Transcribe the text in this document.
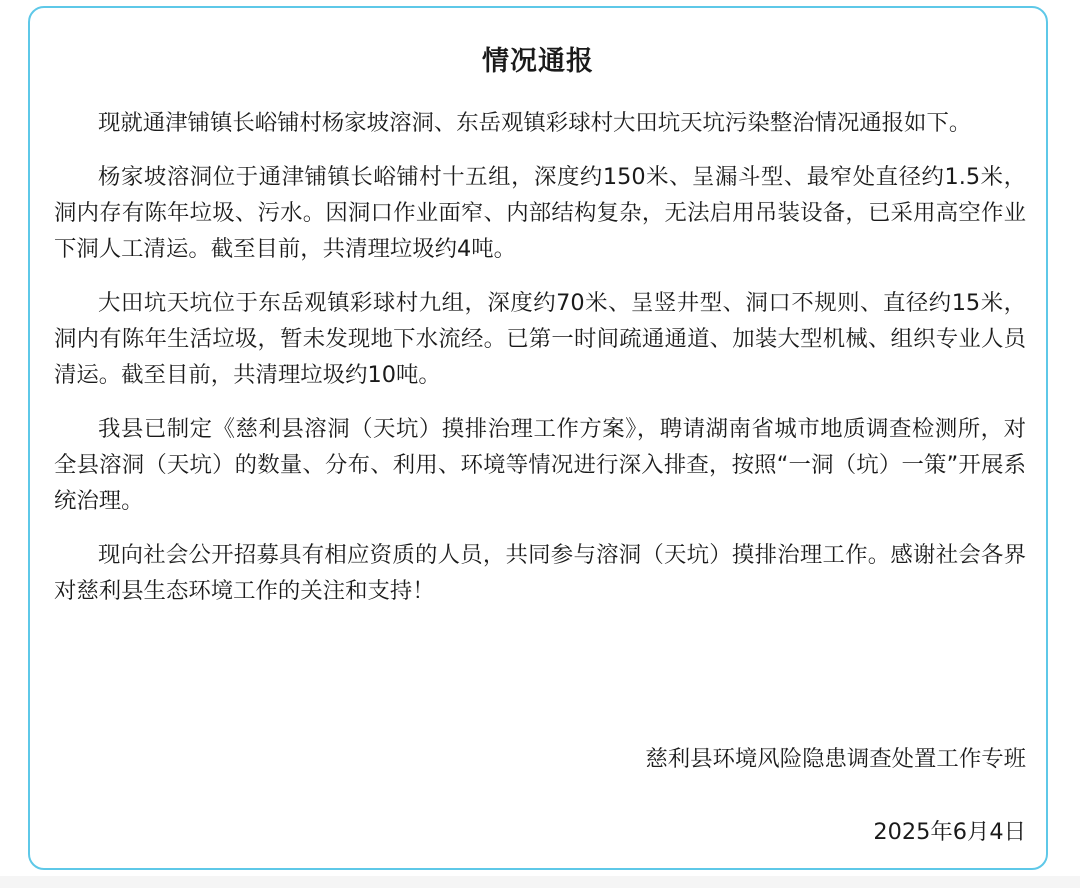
情况通报

现就通津铺镇长峪铺村杨家坡溶洞、东岳观镇彩球村大田坑天坑污染整治情况通报如下。

杨家坡溶洞位于通津铺镇长峪铺村十五组，深度约150米、呈漏斗型、最窄处直径约1.5米，洞内存有陈年垃圾、污水。因洞口作业面窄、内部结构复杂，无法启用吊装设备，已采用高空作业下洞人工清运。截至目前，共清理垃圾约4吨。

大田坑天坑位于东岳观镇彩球村九组，深度约70米、呈竖井型、洞口不规则、直径约15米，洞内有陈年生活垃圾，暂未发现地下水流经。已第一时间疏通通道、加装大型机械、组织专业人员清运。截至目前，共清理垃圾约10吨。

我县已制定《慈利县溶洞（天坑）摸排治理工作方案》，聘请湖南省城市地质调查检测所，对全县溶洞（天坑）的数量、分布、利用、环境等情况进行深入排查，按照“一洞（坑）一策”开展系统治理。

现向社会公开招募具有相应资质的人员，共同参与溶洞（天坑）摸排治理工作。感谢社会各界对慈利县生态环境工作的关注和支持！

慈利县环境风险隐患调查处置工作专班
2025年6月4日
